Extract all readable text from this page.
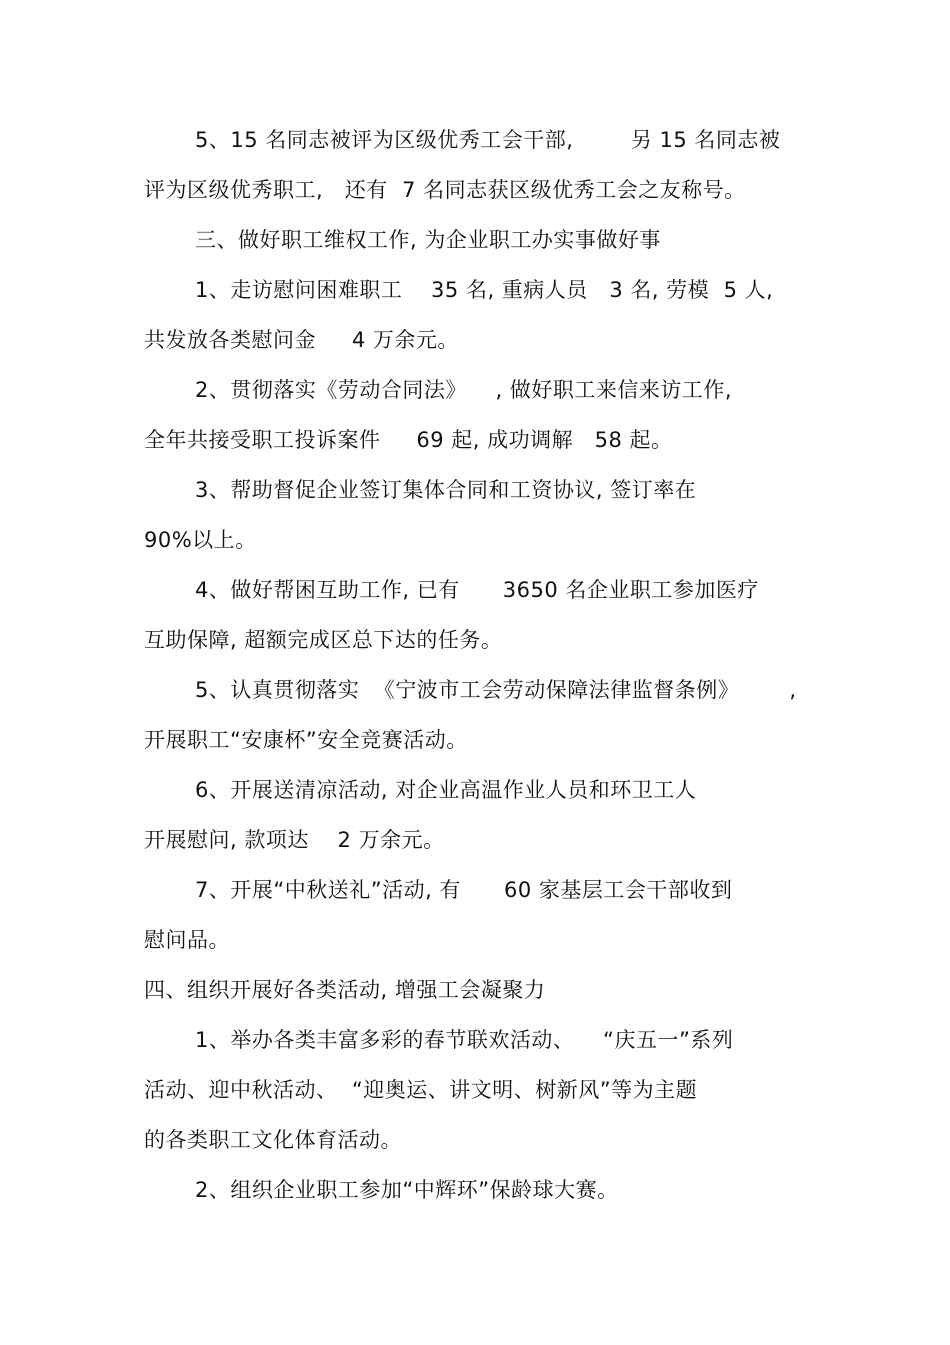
5、15 名同志被评为区级优秀工会干部,        另 15 名同志被
评为区级优秀职工,   还有  7 名同志获区级优秀工会之友称号。
三、做好职工维权工作, 为企业职工办实事做好事
1、走访慰问困难职工    35 名, 重病人员   3 名, 劳模  5 人,
共发放各类慰问金     4 万余元。
2、贯彻落实《劳动合同法》    , 做好职工来信来访工作,
全年共接受职工投诉案件     69 起, 成功调解   58 起。
3、帮助督促企业签订集体合同和工资协议, 签订率在
90%以上。
4、做好帮困互助工作, 已有      3650 名企业职工参加医疗
互助保障, 超额完成区总下达的任务。
5、认真贯彻落实  《宁波市工会劳动保障法律监督条例》       ,
开展职工“安康杯”安全竞赛活动。
6、开展送清凉活动, 对企业高温作业人员和环卫工人
开展慰问, 款项达    2 万余元。
7、开展“中秋送礼”活动, 有      60 家基层工会干部收到
慰问品。
四、组织开展好各类活动, 增强工会凝聚力
1、举办各类丰富多彩的春节联欢活动、    “庆五一”系列
活动、迎中秋活动、  “迎奥运、讲文明、树新风”等为主题
的各类职工文化体育活动。
2、组织企业职工参加“中辉环”保龄球大赛。
